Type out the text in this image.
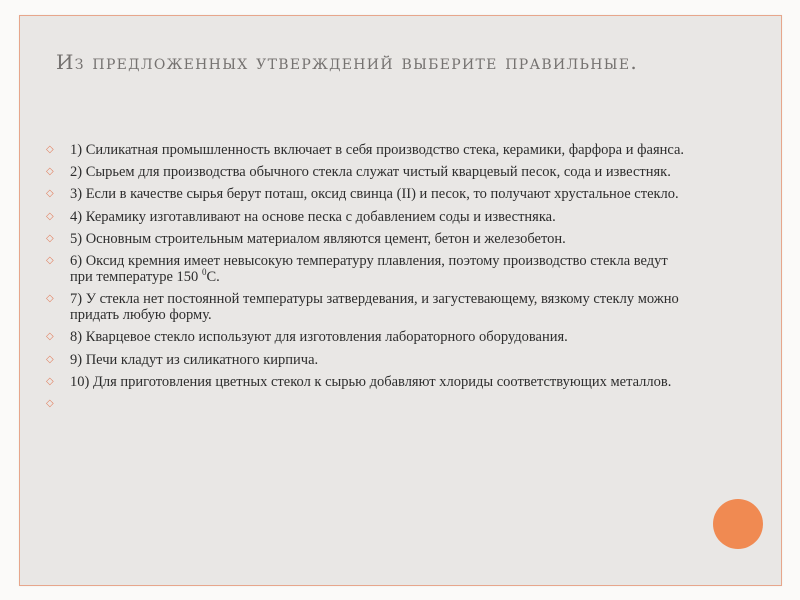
Из предложенных утверждений выберите правильные.
◇ 1) Силикатная промышленность включает в себя производство стека, керамики, фарфора и фаянса.
◇ 2) Сырьем для производства обычного стекла служат чистый кварцевый песок, сода и известняк.
◇ 3) Если в качестве сырья берут поташ, оксид свинца (II) и песок, то получают хрустальное стекло.
◇ 4) Керамику изготавливают на основе песка с добавлением соды и известняка.
◇ 5) Основным строительным материалом являются цемент, бетон и железобетон.
◇ 6) Оксид кремния имеет невысокую температуру плавления, поэтому производство стекла ведут при температуре 150 $^0$С.
◇ 7) У стекла нет постоянной температуры затвердевания, и загустевающему, вязкому стеклу можно придать любую форму.
◇ 8) Кварцевое стекло используют для изготовления лабораторного оборудования.
◇ 9) Печи кладут из силикатного кирпича.
◇ 10) Для приготовления цветных стекол к сырью добавляют хлориды соответствующих металлов.
◇
